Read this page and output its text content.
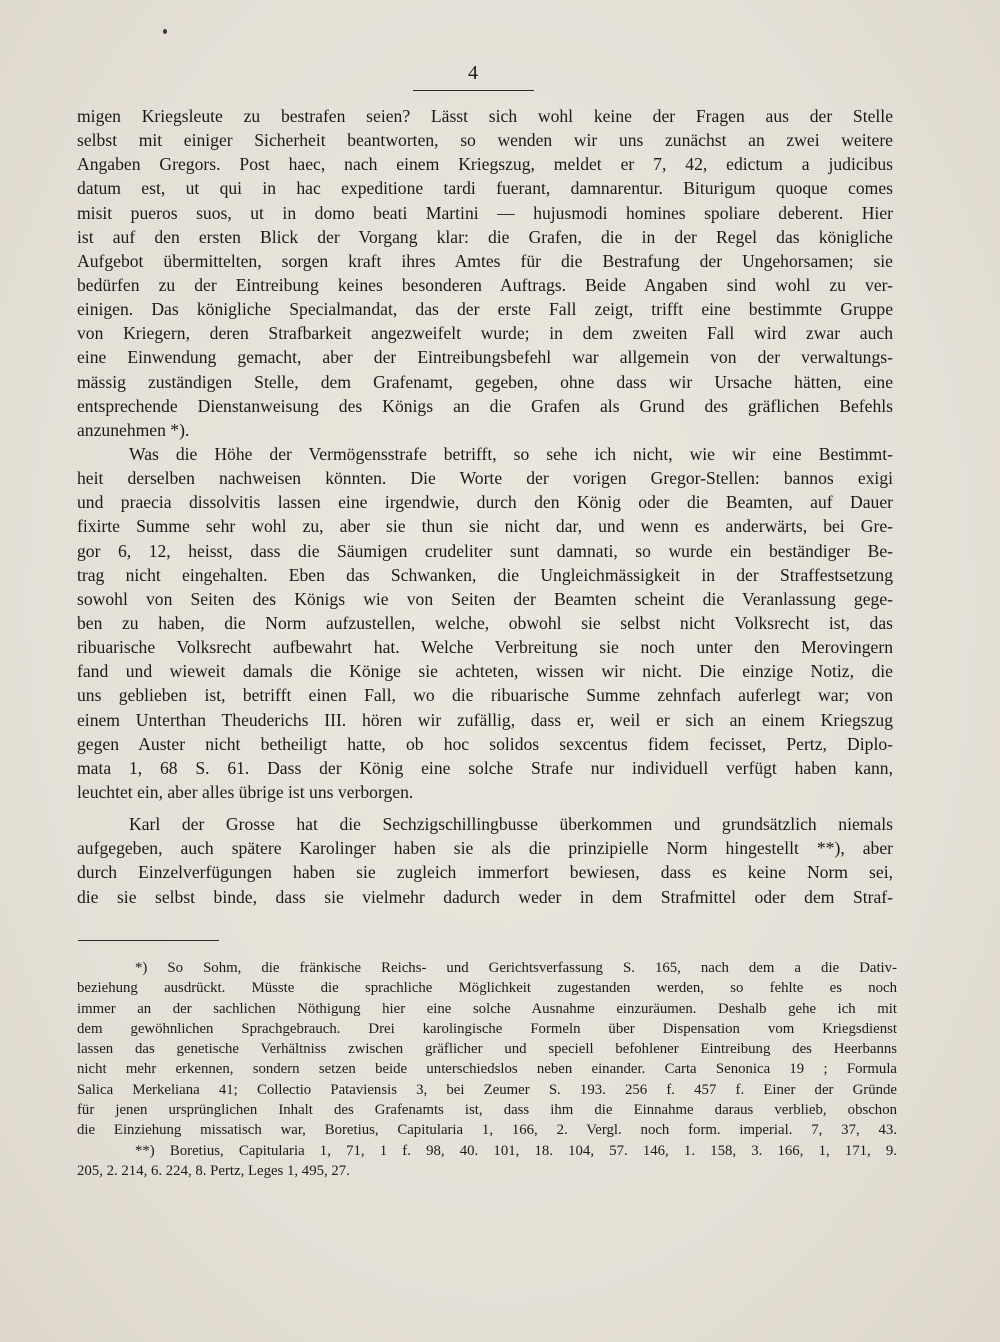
4
migen Kriegsleute zu bestrafen seien? Lässt sich wohl keine der Fragen aus der Stelle
selbst mit einiger Sicherheit beantworten, so wenden wir uns zunächst an zwei weitere
Angaben Gregors. Post haec, nach einem Kriegszug, meldet er 7, 42, edictum a judicibus
datum est, ut qui in hac expeditione tardi fuerant, damnarentur. Biturigum quoque comes
misit pueros suos, ut in domo beati Martini — hujusmodi homines spoliare deberent. Hier
ist auf den ersten Blick der Vorgang klar: die Grafen, die in der Regel das königliche
Aufgebot übermittelten, sorgen kraft ihres Amtes für die Bestrafung der Ungehorsamen; sie
bedürfen zu der Eintreibung keines besonderen Auftrags. Beide Angaben sind wohl zu ver-
einigen. Das königliche Specialmandat, das der erste Fall zeigt, trifft eine bestimmte Gruppe
von Kriegern, deren Strafbarkeit angezweifelt wurde; in dem zweiten Fall wird zwar auch
eine Einwendung gemacht, aber der Eintreibungsbefehl war allgemein von der verwaltungs-
mässig zuständigen Stelle, dem Grafenamt, gegeben, ohne dass wir Ursache hätten, eine
entsprechende Dienstanweisung des Königs an die Grafen als Grund des gräflichen Befehls
anzunehmen *).
Was die Höhe der Vermögensstrafe betrifft, so sehe ich nicht, wie wir eine Bestimmt-
heit derselben nachweisen könnten. Die Worte der vorigen Gregor-Stellen: bannos exigi
und praecia dissolvitis lassen eine irgendwie, durch den König oder die Beamten, auf Dauer
fixirte Summe sehr wohl zu, aber sie thun sie nicht dar, und wenn es anderwärts, bei Gre-
gor 6, 12, heisst, dass die Säumigen crudeliter sunt damnati, so wurde ein beständiger Be-
trag nicht eingehalten. Eben das Schwanken, die Ungleichmässigkeit in der Straffestsetzung
sowohl von Seiten des Königs wie von Seiten der Beamten scheint die Veranlassung gege-
ben zu haben, die Norm aufzustellen, welche, obwohl sie selbst nicht Volksrecht ist, das
ribuarische Volksrecht aufbewahrt hat. Welche Verbreitung sie noch unter den Merovingern
fand und wieweit damals die Könige sie achteten, wissen wir nicht. Die einzige Notiz, die
uns geblieben ist, betrifft einen Fall, wo die ribuarische Summe zehnfach auferlegt war; von
einem Unterthan Theuderichs III. hören wir zufällig, dass er, weil er sich an einem Kriegszug
gegen Auster nicht betheiligt hatte, ob hoc solidos sexcentus fidem fecisset, Pertz, Diplo-
mata 1, 68 S. 61. Dass der König eine solche Strafe nur individuell verfügt haben kann,
leuchtet ein, aber alles übrige ist uns verborgen.
Karl der Grosse hat die Sechzigschillingbusse überkommen und grundsätzlich niemals
aufgegeben, auch spätere Karolinger haben sie als die prinzipielle Norm hingestellt **), aber
durch Einzelverfügungen haben sie zugleich immerfort bewiesen, dass es keine Norm sei,
die sie selbst binde, dass sie vielmehr dadurch weder in dem Strafmittel oder dem Straf-
*) So Sohm, die fränkische Reichs- und Gerichtsverfassung S. 165, nach dem a die Dativ-
beziehung ausdrückt. Müsste die sprachliche Möglichkeit zugestanden werden, so fehlte es noch
immer an der sachlichen Nöthigung hier eine solche Ausnahme einzuräumen. Deshalb gehe ich mit
dem gewöhnlichen Sprachgebrauch. Drei karolingische Formeln über Dispensation vom Kriegsdienst
lassen das genetische Verhältniss zwischen gräflicher und speciell befohlener Eintreibung des Heerbanns
nicht mehr erkennen, sondern setzen beide unterschiedslos neben einander. Carta Senonica 19 ; Formula
Salica Merkeliana 41; Collectio Pataviensis 3, bei Zeumer S. 193. 256 f. 457 f. Einer der Gründe
für jenen ursprünglichen Inhalt des Grafenamts ist, dass ihm die Einnahme daraus verblieb, obschon
die Einziehung missatisch war, Boretius, Capitularia 1, 166, 2. Vergl. noch form. imperial. 7, 37, 43.
**) Boretius, Capitularia 1, 71, 1 f. 98, 40. 101, 18. 104, 57. 146, 1. 158, 3. 166, 1, 171, 9.
205, 2. 214, 6. 224, 8. Pertz, Leges 1, 495, 27.
